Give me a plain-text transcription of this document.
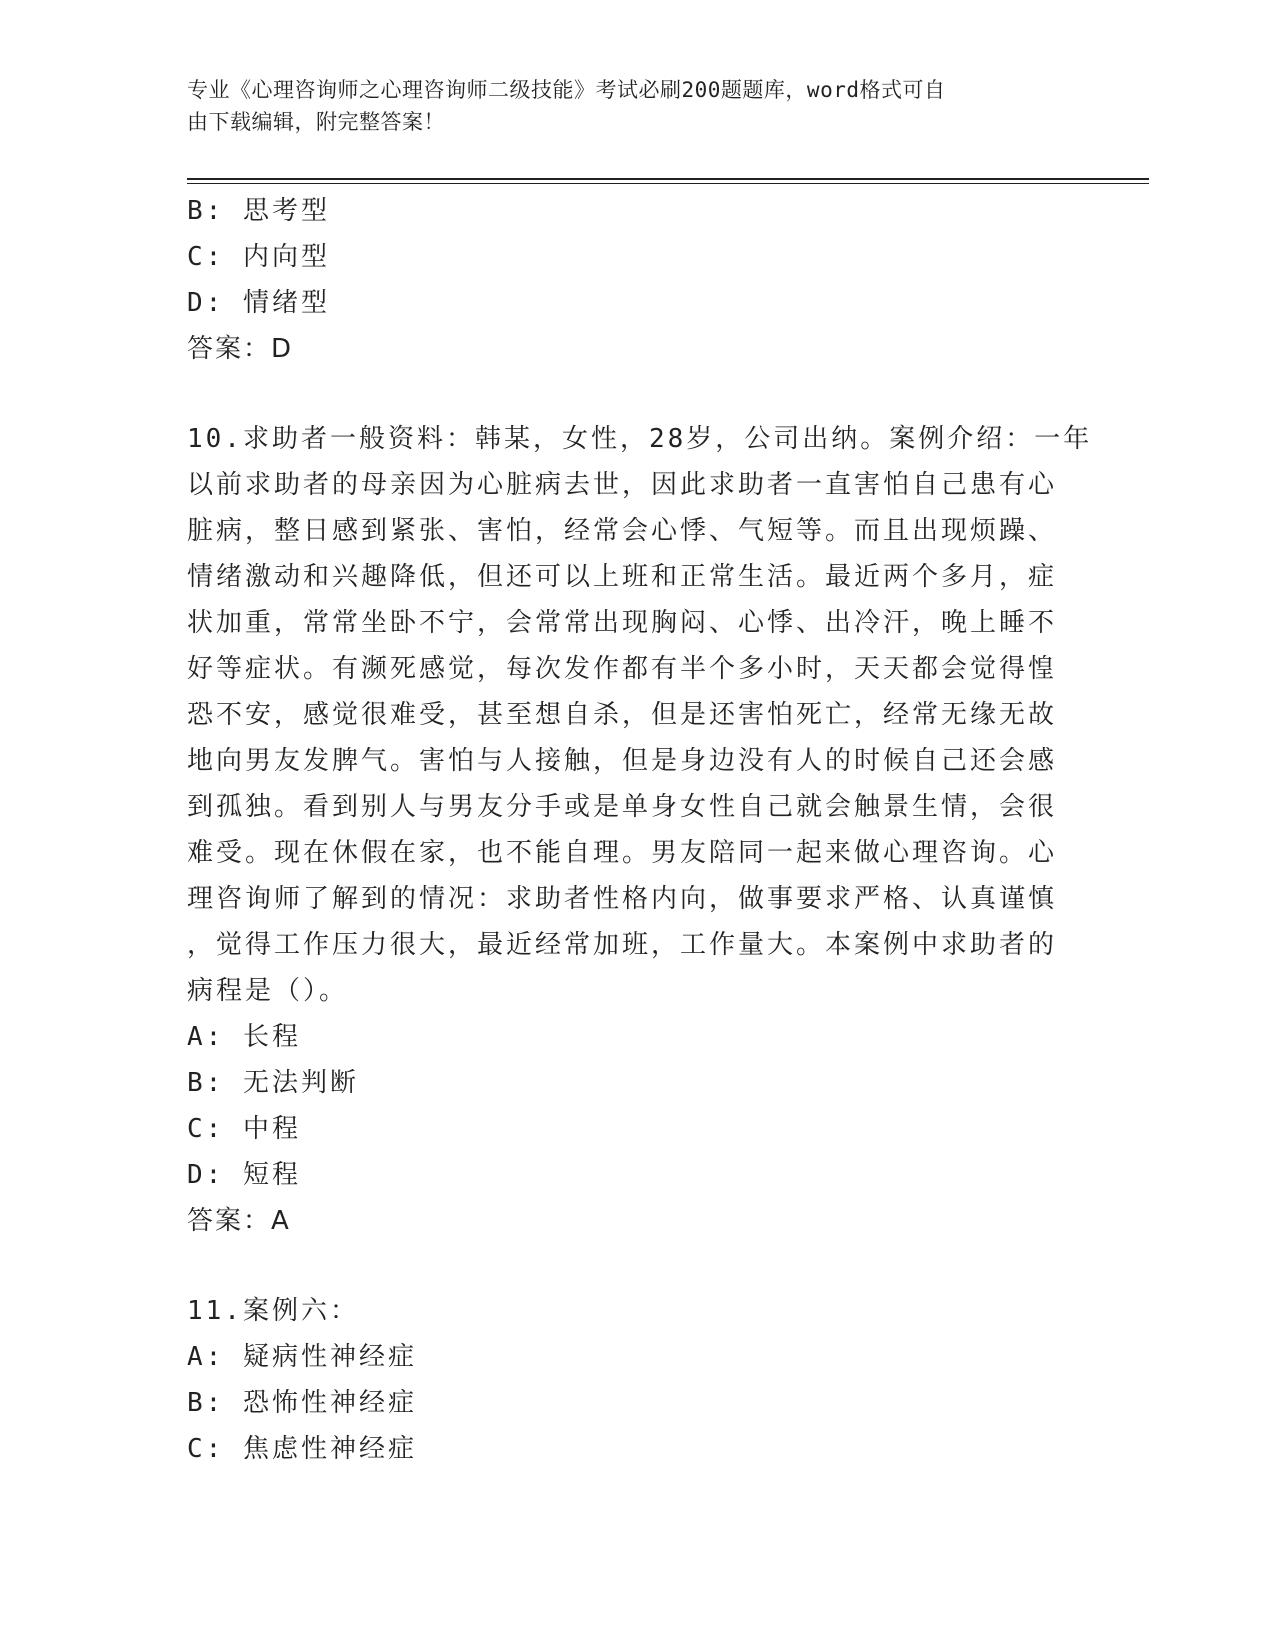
专业《心理咨询师之心理咨询师二级技能》考试必刷200题题库，word格式可自
由下载编辑，附完整答案！
B: 思考型
C: 内向型
D: 情绪型
答案：D
10.求助者一般资料：韩某，女性，28岁，公司出纳。案例介绍：一年
以前求助者的母亲因为心脏病去世，因此求助者一直害怕自己患有心
脏病，整日感到紧张、害怕，经常会心悸、气短等。而且出现烦躁、
情绪激动和兴趣降低，但还可以上班和正常生活。最近两个多月，症
状加重，常常坐卧不宁，会常常出现胸闷、心悸、出冷汗，晚上睡不
好等症状。有濒死感觉，每次发作都有半个多小时，天天都会觉得惶
恐不安，感觉很难受，甚至想自杀，但是还害怕死亡，经常无缘无故
地向男友发脾气。害怕与人接触，但是身边没有人的时候自己还会感
到孤独。看到别人与男友分手或是单身女性自己就会触景生情，会很
难受。现在休假在家，也不能自理。男友陪同一起来做心理咨询。心
理咨询师了解到的情况：求助者性格内向，做事要求严格、认真谨慎
，觉得工作压力很大，最近经常加班，工作量大。本案例中求助者的
病程是（）。
A: 长程
B: 无法判断
C: 中程
D: 短程
答案：A
11.案例六：
A: 疑病性神经症
B: 恐怖性神经症
C: 焦虑性神经症
